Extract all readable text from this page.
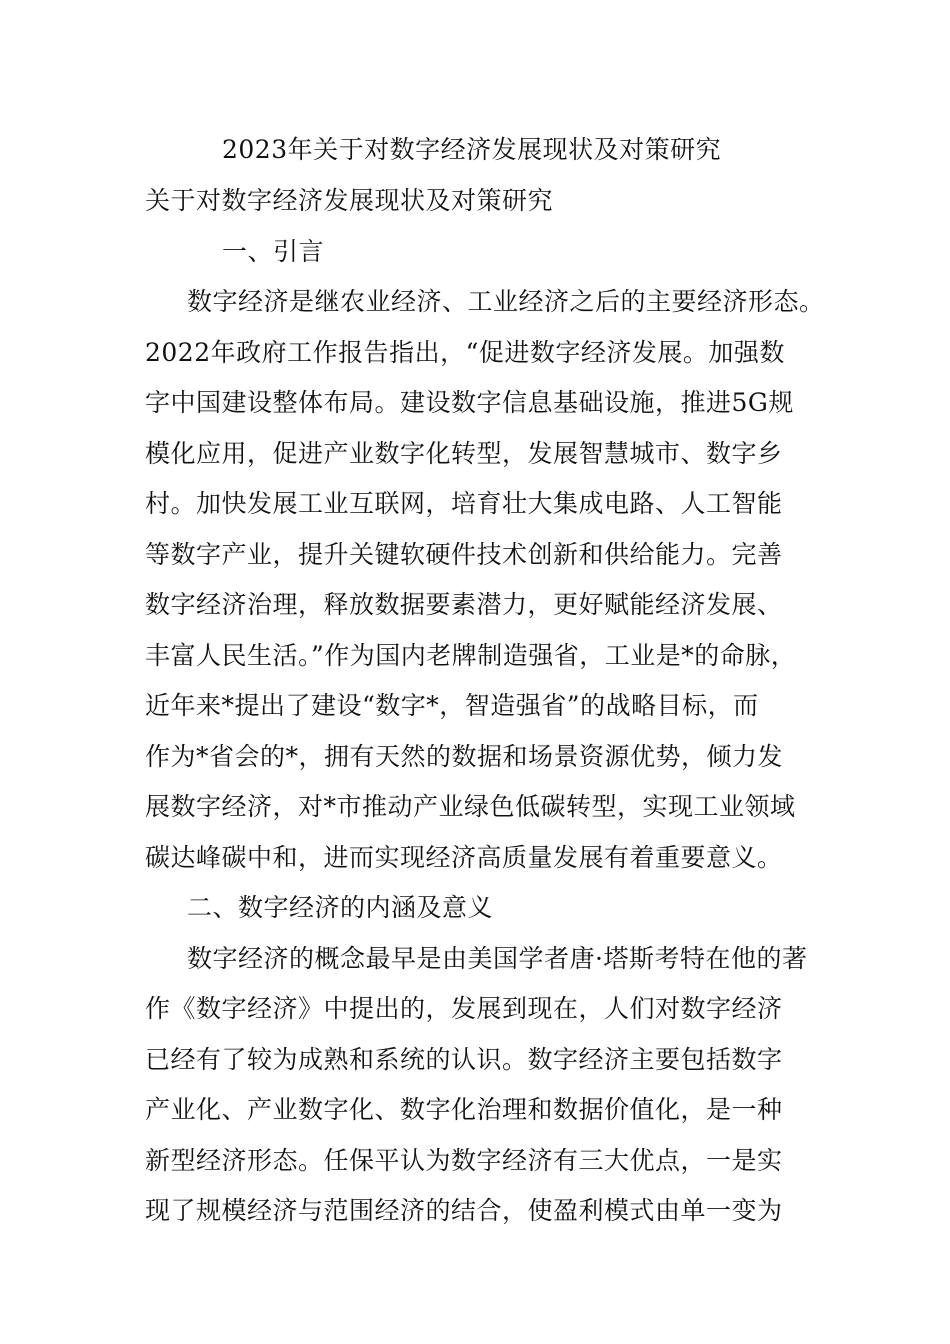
2023年关于对数字经济发展现状及对策研究
关于对数字经济发展现状及对策研究
一、引言
数字经济是继农业经济、工业经济之后的主要经济形态。
2022年政府工作报告指出，“促进数字经济发展。加强数
字中国建设整体布局。建设数字信息基础设施，推进5G规
模化应用，促进产业数字化转型，发展智慧城市、数字乡
村。加快发展工业互联网，培育壮大集成电路、人工智能
等数字产业，提升关键软硬件技术创新和供给能力。完善
数字经济治理，释放数据要素潜力，更好赋能经济发展、
丰富人民生活。”作为国内老牌制造强省，工业是*的命脉，
近年来*提出了建设“数字*，智造强省”的战略目标，而
作为*省会的*，拥有天然的数据和场景资源优势，倾力发
展数字经济，对*市推动产业绿色低碳转型，实现工业领域
碳达峰碳中和，进而实现经济高质量发展有着重要意义。
二、数字经济的内涵及意义
数字经济的概念最早是由美国学者唐·塔斯考特在他的著
作《数字经济》中提出的，发展到现在，人们对数字经济
已经有了较为成熟和系统的认识。数字经济主要包括数字
产业化、产业数字化、数字化治理和数据价值化，是一种
新型经济形态。任保平认为数字经济有三大优点，一是实
现了规模经济与范围经济的结合，使盈利模式由单一变为
